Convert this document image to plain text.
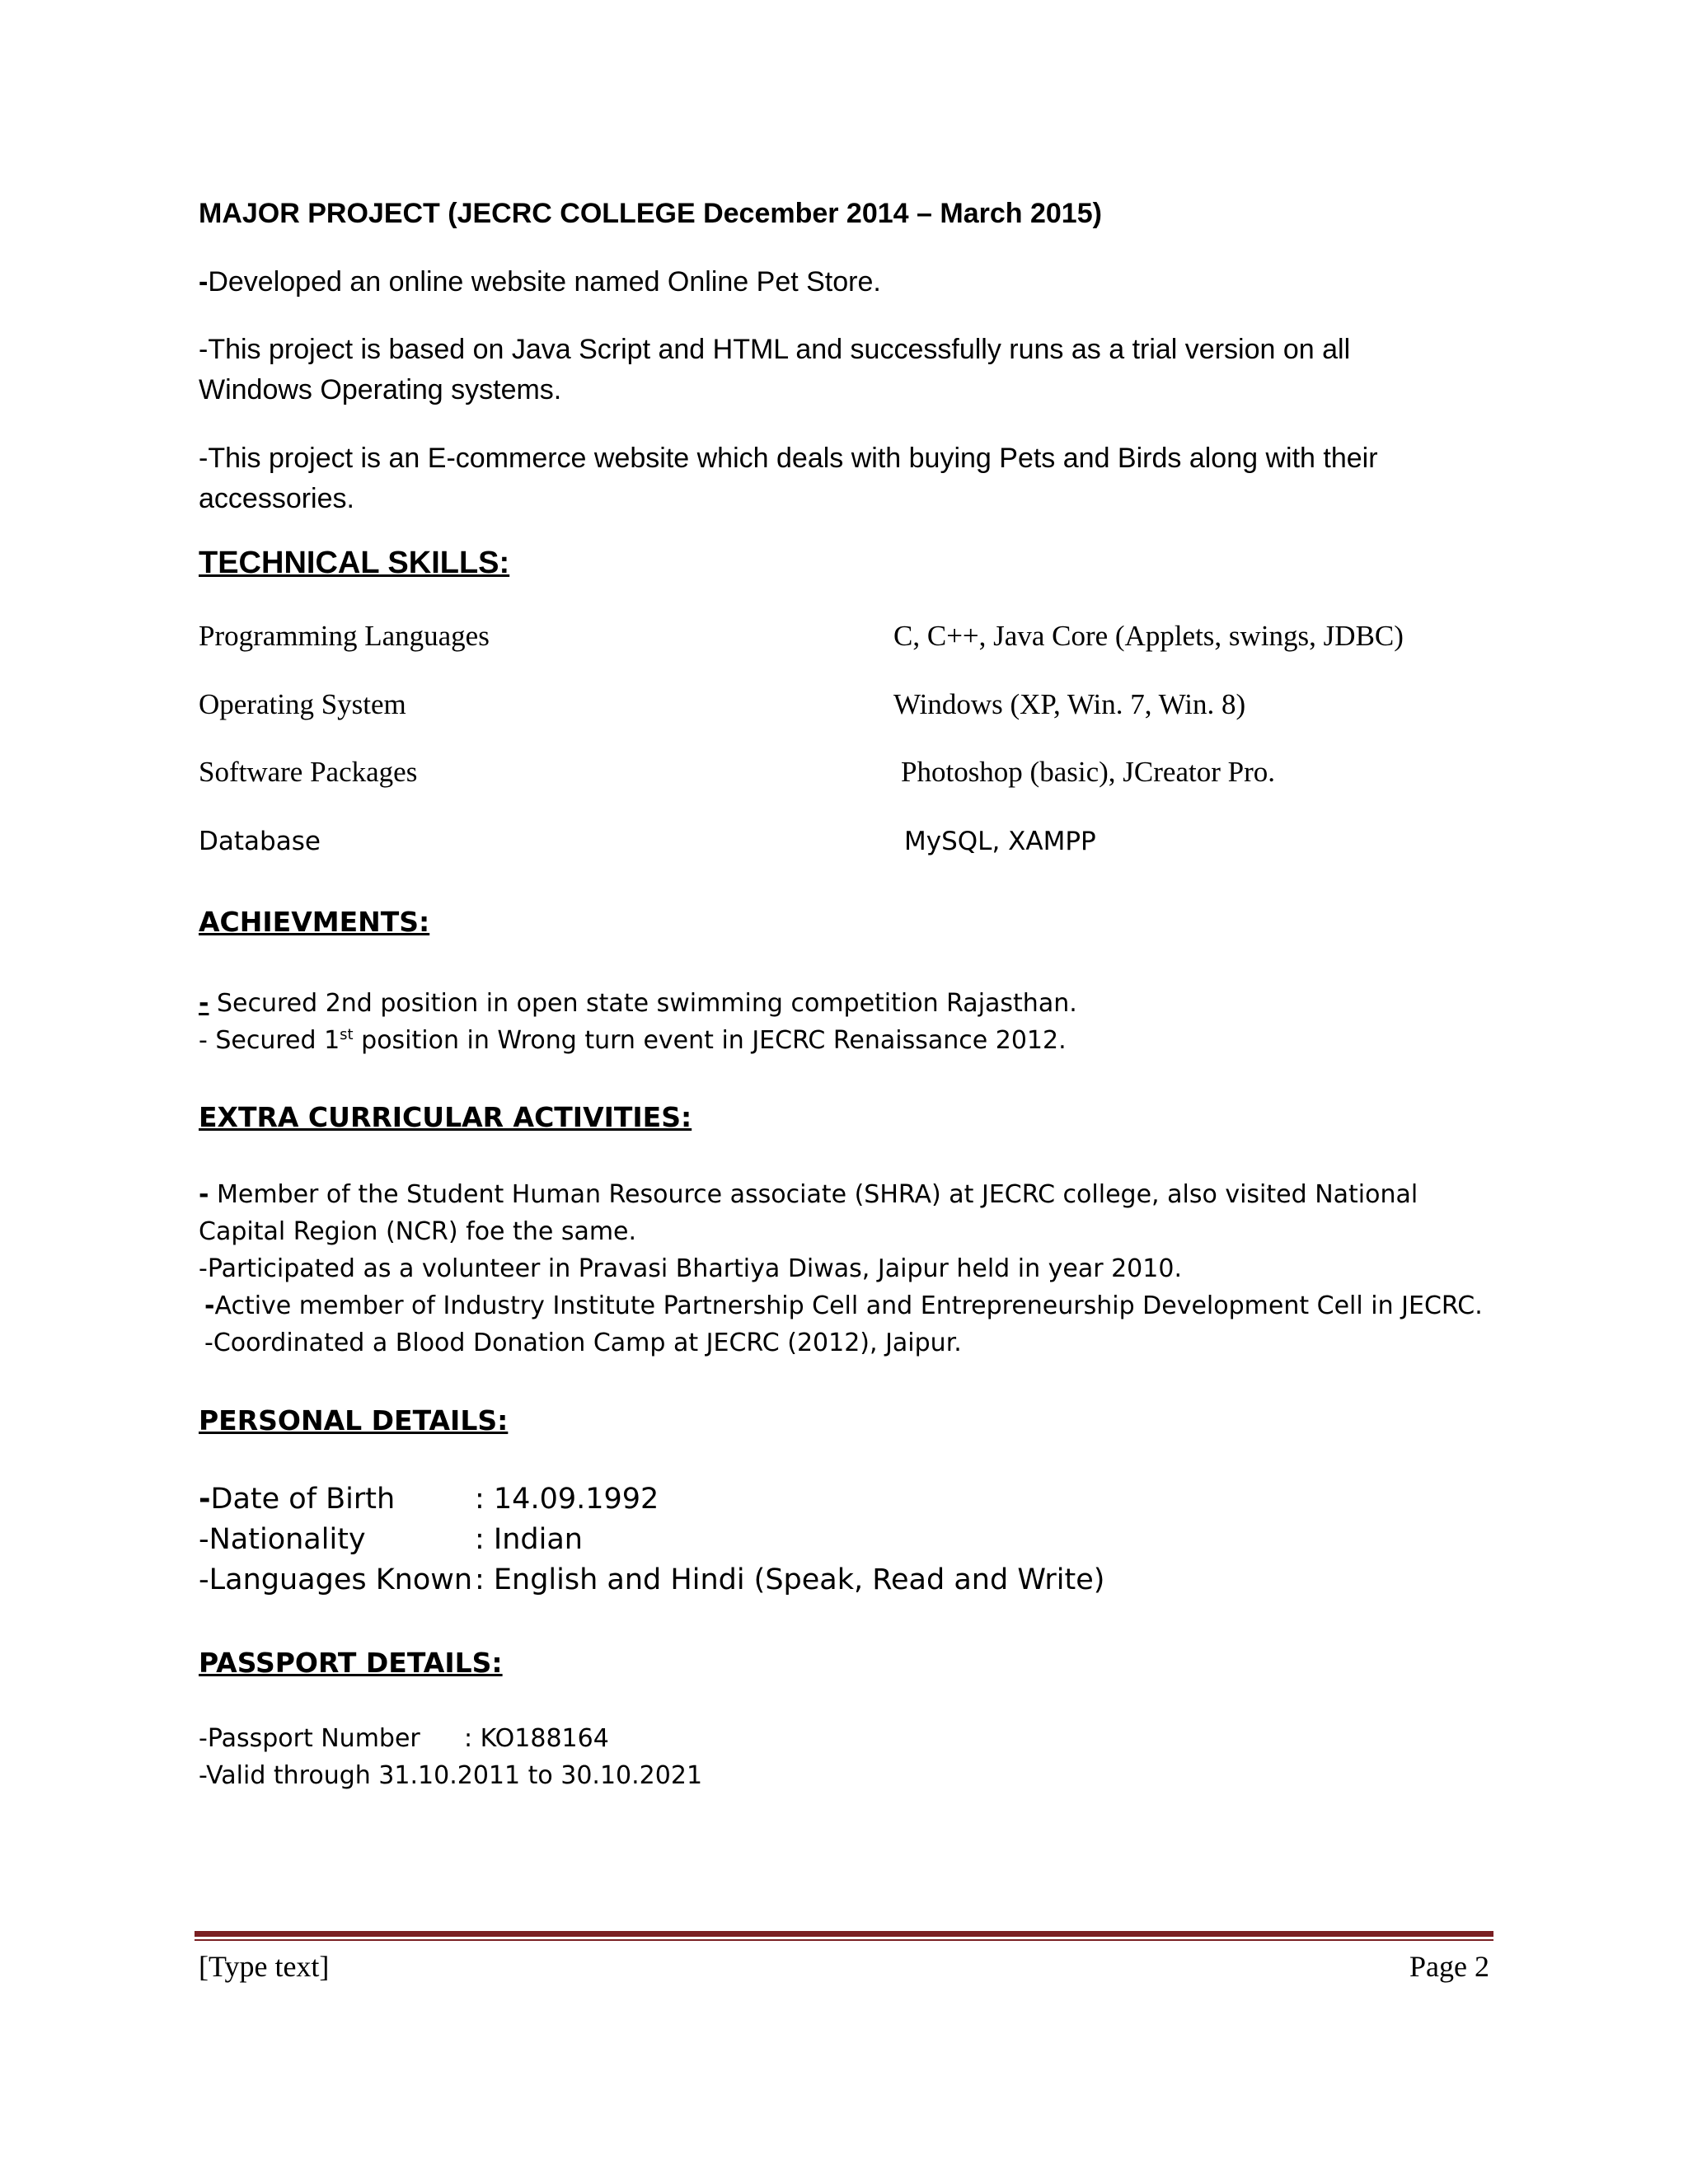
MAJOR PROJECT (JECRC COLLEGE December 2014 – March 2015)
-Developed an online website named Online Pet Store.
-This project is based on Java Script and HTML and successfully runs as a trial version on all
Windows Operating systems.
-This project is an E-commerce website which deals with buying Pets and Birds along with their
accessories.
TECHNICAL SKILLS:
Programming Languages	C, C++, Java Core (Applets, swings, JDBC)
Operating System	Windows (XP, Win. 7, Win. 8)
Software Packages	Photoshop (basic), JCreator Pro.
Database	MySQL, XAMPP
ACHIEVMENTS:
- Secured 2nd position in open state swimming competition Rajasthan.
- Secured 1st position in Wrong turn event in JECRC Renaissance 2012.
EXTRA CURRICULAR ACTIVITIES:
- Member of the Student Human Resource associate (SHRA) at JECRC college, also visited National
Capital Region (NCR) foe the same.
-Participated as a volunteer in Pravasi Bhartiya Diwas, Jaipur held in year 2010.
-Active member of Industry Institute Partnership Cell and Entrepreneurship Development Cell in JECRC.
-Coordinated a Blood Donation Camp at JECRC (2012), Jaipur.
PERSONAL DETAILS:
-Date of Birth	: 14.09.1992
-Nationality	: Indian
-Languages Known: English and Hindi (Speak, Read and Write)
PASSPORT DETAILS:
-Passport Number : KO188164
-Valid through 31.10.2011 to 30.10.2021
[Type text]	Page 2
